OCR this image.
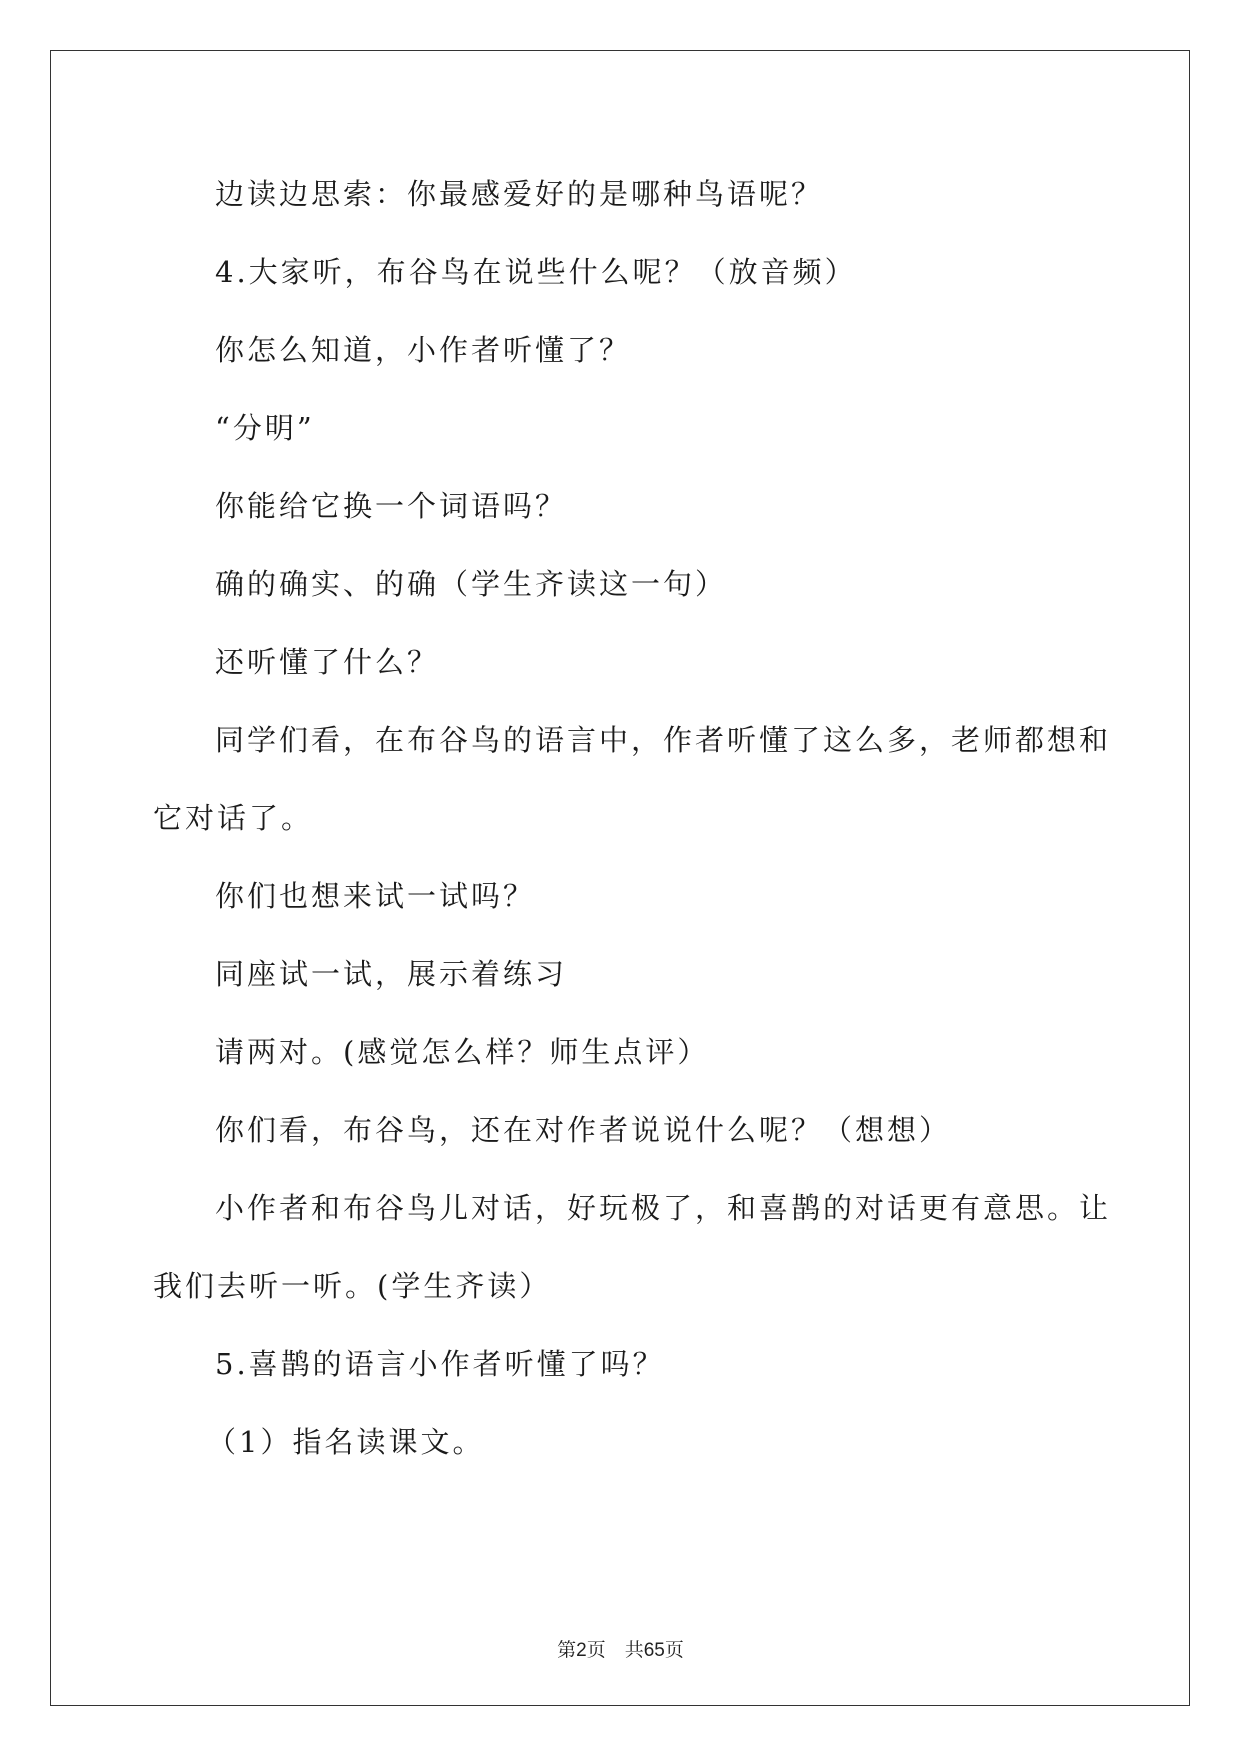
边读边思索：你最感爱好的是哪种鸟语呢？
4.大家听，布谷鸟在说些什么呢？（放音频）
你怎么知道，小作者听懂了？
“分明”
你能给它换一个词语吗？
确的确实、的确（学生齐读这一句）
还听懂了什么？
同学们看，在布谷鸟的语言中，作者听懂了这么多，老师都想和
它对话了。
你们也想来试一试吗？
同座试一试，展示着练习
请两对。(感觉怎么样？师生点评）
你们看，布谷鸟，还在对作者说说什么呢？（想想）
小作者和布谷鸟儿对话，好玩极了，和喜鹊的对话更有意思。让
我们去听一听。(学生齐读）
5.喜鹊的语言小作者听懂了吗？
（1）指名读课文。
第2页　共65页
